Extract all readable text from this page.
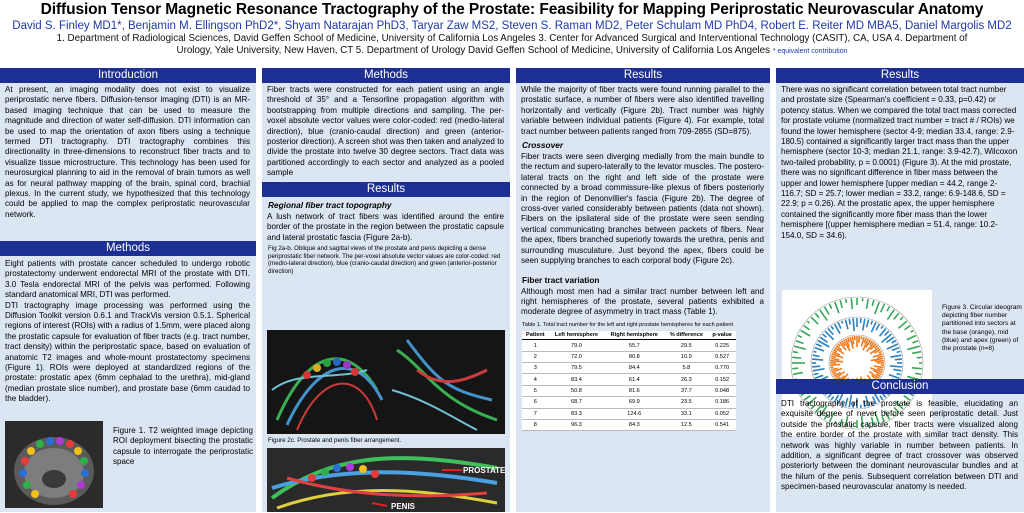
Diffusion Tensor Magnetic Resonance Tractography of the Prostate: Feasibility for Mapping Periprostatic Neurovascular Anatomy
David S. Finley MD1*, Benjamin M. Ellingson PhD2*, Shyam Natarajan PhD3, Taryar Zaw MS2, Steven S. Raman MD2, Peter Schulam MD PhD4, Robert E. Reiter MD MBA5, Daniel Margolis MD2
1. Department of Radiological Sciences, David Geffen School of Medicine, University of California Los Angeles 3. Center for Advanced Surgical and Interventional Technology (CASIT), CA, USA 4. Department of
Urology, Yale University, New Haven, CT 5. Department of Urology David Geffen School of Medicine, University of California Los Angeles * equivalent contribution
Introduction
At present, an imaging modality does not exist to visualize periprostatic nerve fibers. Diffusion-tensor imaging (DTI) is an MR-based imaging technique that can be used to measure the magnitude and direction of water self-diffusion. DTI information can be used to map the orientation of axon fibers using a technique termed DTI tractography. DTI tractography combines this directionality in three-dimensions to reconstruct fiber tracts and to visualize tissue microstructure. This technology has been used for neurosurgical planning to aid in the removal of brain tumors as well as for neural pathway mapping of the brain, spinal cord, brachial plexus. In the current study, we hypothesized that this technology could be applied to map the complex periprostatic neurovascular network.
Methods
Eight patients with prostate cancer scheduled to undergo robotic prostatectomy underwent endorectal MRI of the prostate with DTI. 3.0 Tesla endorectal MRI of the pelvis was performed. Following standard anatomical MRI, DTI was performed.
DTI tractography image processing was performed using the Diffusion Toolkit version 0.6.1 and TrackVis version 0.5.1. Spherical regions of interest (ROIs) with a radius of 1.5mm, were placed along the prostatic capsule for evaluation of fiber tracts (e.g. tract number, tract density) within the periprostatic space, based on evaluation of anatomic T2 images and whole-mount prostatectomy specimens (Figure 1). ROIs were deployed at standardized regions of the prostate: prostatic apex (6mm cephalad to the urethra), mid-gland (median prostate slice number), and prostate base (6mm caudad to the bladder).
Figure 1. T2 weighted image depicting ROI deployment bisecting the prostatic capsule to interrogate the periprostatic space
Methods
Fiber tracts were constructed for each patient using an angle threshold of 35° and a Tensorline propagation algorithm with bootstrapping from multiple directions and sampling. The per-voxel absolute vector values were color-coded: red (medio-lateral direction), blue (cranio-caudal direction) and green (anterior-posterior direction). A screen shot was then taken and analyzed to divide the prostate into twelve 30 degree sectors. Tract data was partitioned accordingly to each sector and analyzed as a pooled sample
Results
Regional fiber tract topography
A lush network of tract fibers was identified around the entire border of the prostate in the region between the prostatic capsule and lateral prostatic fascia (Figure 2a-b).
Fig 2a-b. Oblique and sagittal views of the prostate and penis depicting a dense periprostatic fiber network. The per-voxel absolute vector values are color-coded: red (medio-lateral direction), blue (cranio-caudal direction) and green (anterior-posterior direction)
Figure 2c. Prostate and penis fiber arrangement.
PROSTATE
PENIS
Results
While the majority of fiber tracts were found running parallel to the prostatic surface, a number of fibers were also identified travelling horizontally and vertically (Figure 2b). Tract number was highly variable between individual patients (Figure 4). For example, total tract number between patients ranged from 709-2855 (SD=875).
Crossover
Fiber tracts were seen diverging medially from the main bundle to the rectum and supero-laterally to the levator muscles. The postero-lateral tracts on the right and left side of the prostate were connected by a broad commissure-like plexus of fibers posteriorly in the region of Denonvillier's fascia (Figure 2b). The degree of cross-over varied considerably between patients (data not shown). Fibers on the ipsilateral side of the prostate were seen sending vertical communicating branches between packets of fibers. Near the apex, fibers branched superiorly towards the urethra, penis and surrounding musculature. Just beyond the apex, fibers could be seen supplying branches to each corporal body (Figure 2c).
Fiber tract variation
Although most men had a similar tract number between left and right hemispheres of the prostate, several patients exhibited a moderate degree of asymmetry in tract mass (Table 1).
Table 1. Total tract number for the left and right prostate hemispheres for each patient
Patient	Left hemisphere	Right hemisphere	% difference	p-value
1	79.0	55.7	29.5	0.225
2	72.0	80.8	10.9	0.527
3	79.5	84.4	5.8	0.770
4	83.4	61.4	26.3	0.152
5	50.8	81.6	37.7	0.048
6	68.7	69.9	23.5	0.186
7	83.3	124.6	33.1	0.052
8	96.3	84.3	12.5	0.541
Results
There was no significant correlation between total tract number and prostate size (Spearman's coefficient = 0.33, p=0.42) or potency status. When we compared the total tract mass corrected for prostate volume (normalized tract number = tract # / ROIs) we found the lower hemisphere (sector 4-9; median 33.4, range: 2.9-180.5) contained a significantly larger tract mass than the upper hemisphere (sector 10-3; median 21.1, range: 3.9-42.7), Wilcoxon two-tailed probability, p = 0.0001) (Figure 3). At the mid prostate, there was no significant difference in fiber mass between the upper and lower hemisphere [upper median = 44.2, range 2-116.7; SD = 25.7; lower median = 33.2, range: 6.9-148.6, SD = 22.9; p = 0.26). At the prostatic apex, the upper hemisphere contained the significantly more fiber mass than the lower hemisphere [(upper hemisphere median = 51.4, range: 10.2-154.0, SD = 34.6).
Figure 3. Circular ideogram depicting fiber number partitioned into sectors at the base (orange), mid (blue) and apex (green) of the prostate (n=8)
Conclusion
DTI tractography of the prostate is feasible, elucidating an exquisite degree of never before seen periprostatic detail. Just outside the prostatic capsule, fiber tracts were visualized along the entire border of the prostate with similar tract density. This network was highly variable in number between patients. In addition, a significant degree of tract crossover was observed posteriorly between the dominant neurovascular bundles and at the hilum of the penis. Subsequent correlation between DTI and specimen-based neurovascular anatomy is needed.
